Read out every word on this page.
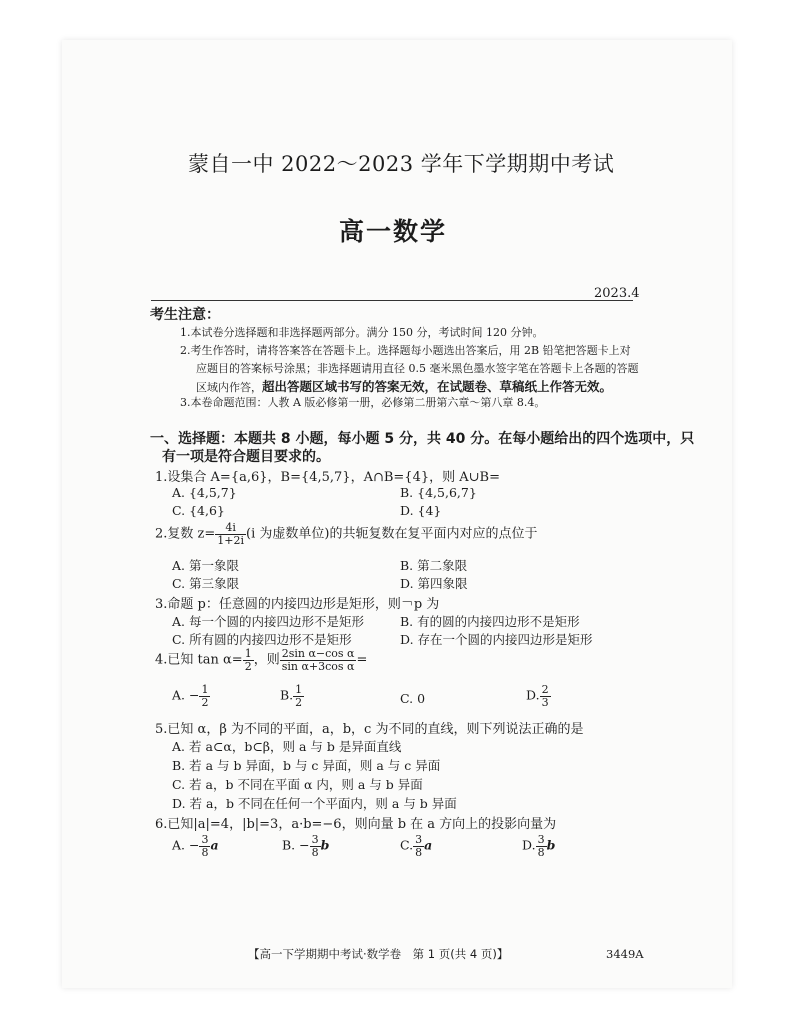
蒙自一中 2022～2023 学年下学期期中考试
高一数学
2023.4
考生注意：
1.本试卷分选择题和非选择题两部分。满分 150 分，考试时间 120 分钟。
2.考生作答时，请将答案答在答题卡上。选择题每小题选出答案后，用 2B 铅笔把答题卡上对
应题目的答案标号涂黑；非选择题请用直径 0.5 毫米黑色墨水签字笔在答题卡上各题的答题
区域内作答，超出答题区域书写的答案无效，在试题卷、草稿纸上作答无效。
3.本卷命题范围：人教 A 版必修第一册，必修第二册第六章～第八章 8.4。
一、选择题：本题共 8 小题，每小题 5 分，共 40 分。在每小题给出的四个选项中，只
有一项是符合题目要求的。
1.设集合 A={a,6}，B={4,5,7}，A∩B={4}，则 A∪B=
A. {4,5,7}	B. {4,5,6,7}
C. {4,6}	D. {4}
2.复数 $z= \frac{4i}{1+2i} (i$ 为虚数单位)的共轭复数在复平面内对应的点位于
A. 第一象限	B. 第二象限
C. 第三象限	D. 第四象限
3.命题 p：任意圆的内接四边形是矩形，则￢p 为
A. 每一个圆的内接四边形不是矩形	B. 有的圆的内接四边形不是矩形
C. 所有圆的内接四边形不是矩形	D. 存在一个圆的内接四边形是矩形
4.已知 $\tan \alpha= \frac{1}{2}$ ，则 $\frac{\text{2sin α−cos α}}{\text{sin α+3cos α}}$ =
A. − $\frac{1}{2}$	B. $\frac{1}{2}$	C. 0	D. $\frac{2}{3}$
5.已知 α，β 为不同的平面，a，b，c 为不同的直线，则下列说法正确的是
A. 若 a⊂α，b⊂β，则 a 与 b 是异面直线
B. 若 a 与 b 异面，b 与 c 异面，则 a 与 c 异面
C. 若 a，b 不同在平面 α 内，则 a 与 b 异面
D. 若 a，b 不同在任何一个平面内，则 a 与 b 异面
6.已知|a|=4，|b|=3，a·b=−6，则向量 b 在 a 方向上的投影向量为
A. − $\frac{3}{8}$ a	B. − $\frac{3}{8}$ b	C. $\frac{3}{8}$ a	D. $\frac{3}{8}$ b
【高一下学期期中考试·数学卷　第 1 页(共 4 页)】	3449A
